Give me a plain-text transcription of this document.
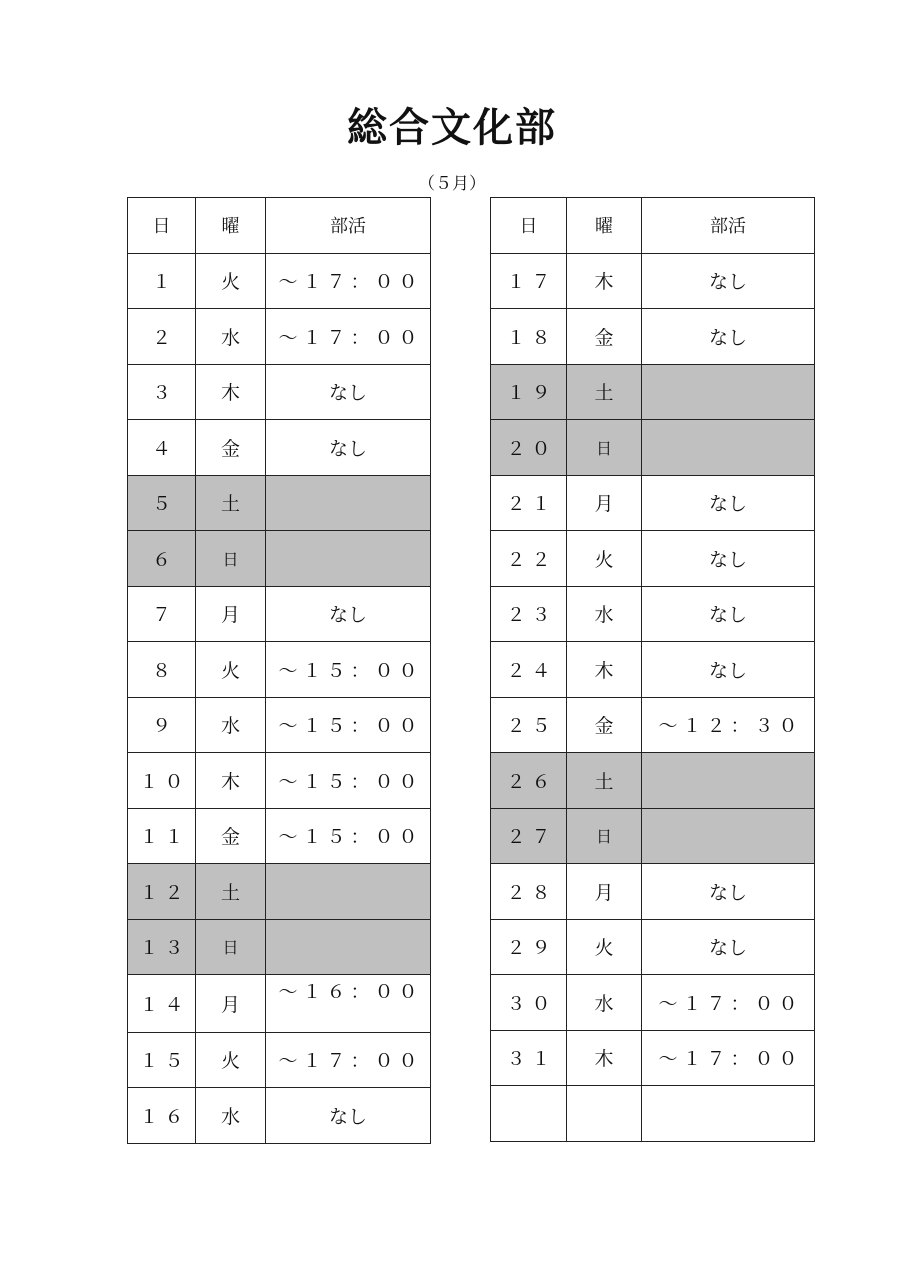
総合文化部
（５月）
日	曜	部活
１	火	～１７：００
２	水	～１７：００
３	木	なし
４	金	なし
５	土	
６	日	
７	月	なし
８	火	～１５：００
９	水	～１５：００
１０	木	～１５：００
１１	金	～１５：００
１２	土	
１３	日	
１４	月	～１６：００
１５	火	～１７：００
１６	水	なし
日	曜	部活
１７	木	なし
１８	金	なし
１９	土	
２０	日	
２１	月	なし
２２	火	なし
２３	水	なし
２４	木	なし
２５	金	～１２：３０
２６	土	
２７	日	
２８	月	なし
２９	火	なし
３０	水	～１７：００
３１	木	～１７：００
